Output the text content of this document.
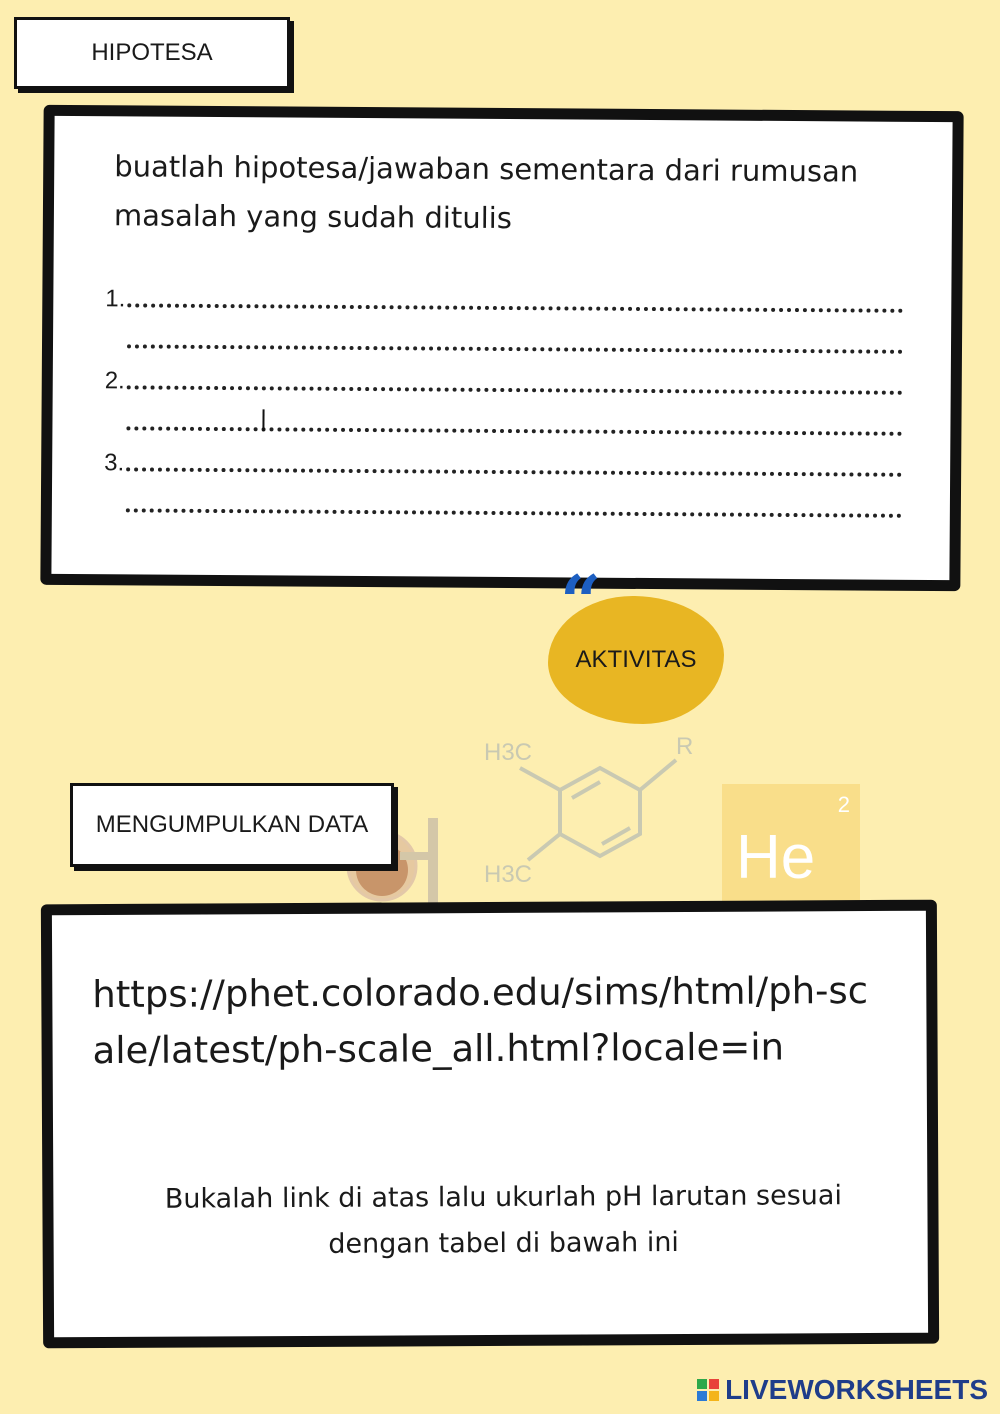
HIPOTESA
buatlah hipotesa/jawaban sementara dari rumusan masalah yang sudah ditulis
1.
2.
3.
AKTIVITAS
“
H3C	R
H3C
2
He
MENGUMPULKAN DATA
https://phet.colorado.edu/sims/html/ph-scale/latest/ph-scale_all.html?locale=in
Bukalah link di atas lalu ukurlah pH larutan sesuai dengan tabel di bawah ini
LIVEWORKSHEETS
